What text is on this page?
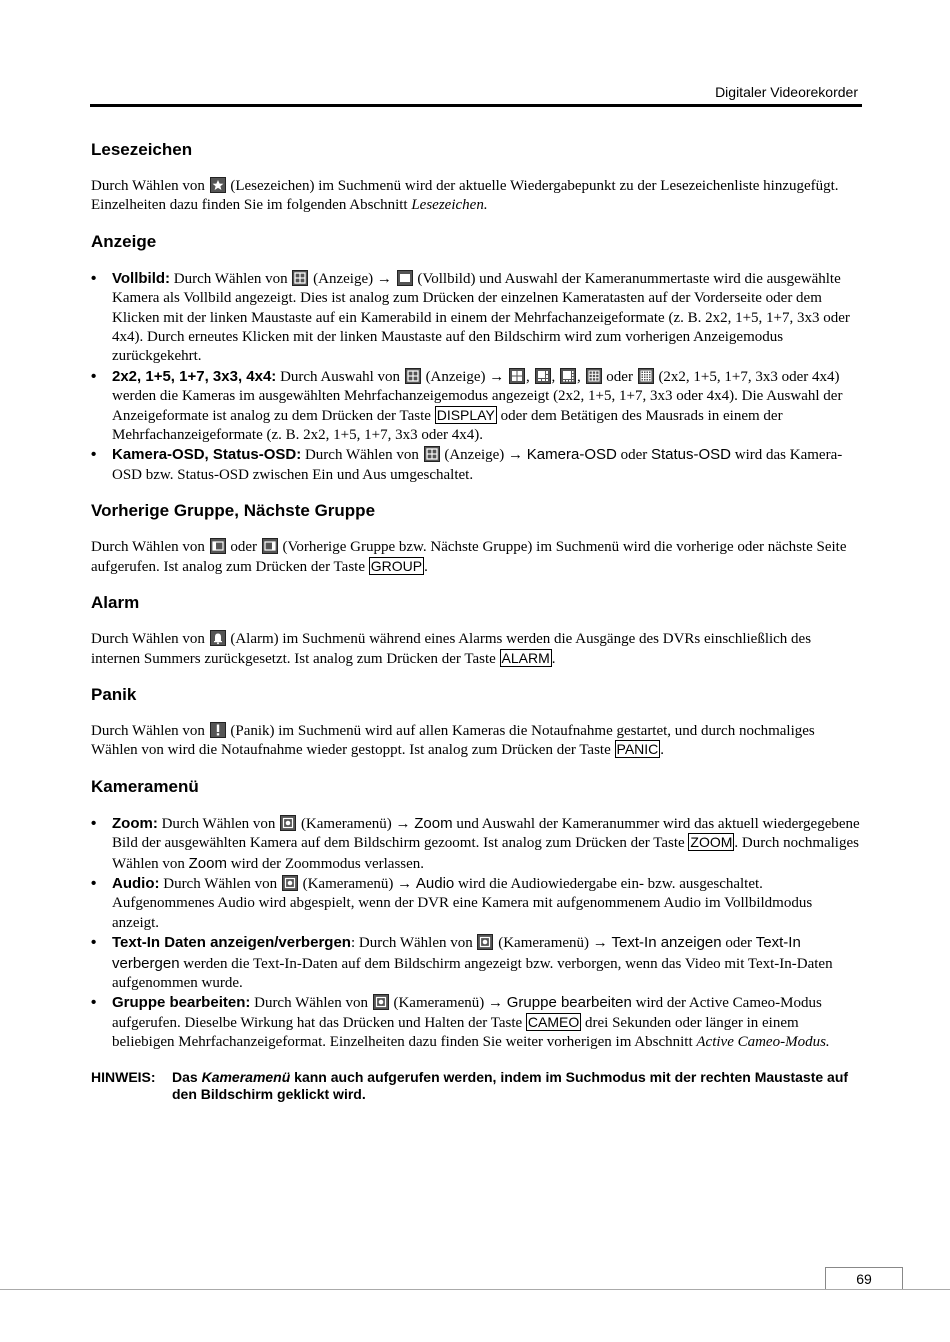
Digitaler Videorekorder
Lesezeichen

Durch Wählen von (Lesezeichen) im Suchmenü wird der aktuelle Wiedergabepunkt zu der Lesezeichenliste hinzugefügt. Einzelheiten dazu finden Sie im folgenden Abschnitt Lesezeichen.

Anzeige
• Vollbild: Durch Wählen von (Anzeige) → (Vollbild) und Auswahl der Kameranummertaste wird die ausgewählte Kamera als Vollbild angezeigt. Dies ist analog zum Drücken der einzelnen Kameratasten auf der Vorderseite oder dem Klicken mit der linken Maustaste auf ein Kamerabild in einem der Mehrfachanzeigeformate (z. B. 2x2, 1+5, 1+7, 3x3 oder 4x4). Durch erneutes Klicken mit der linken Maustaste auf den Bildschirm wird zum vorherigen Anzeigemodus zurückgekehrt.
• 2x2, 1+5, 1+7, 3x3, 4x4: Durch Auswahl von (Anzeige) → , , , oder (2x2, 1+5, 1+7, 3x3 oder 4x4) werden die Kameras im ausgewählten Mehrfachanzeigemodus angezeigt (2x2, 1+5, 1+7, 3x3 oder 4x4). Die Auswahl der Anzeigeformate ist analog zu dem Drücken der Taste DISPLAY oder dem Betätigen des Mausrads in einem der Mehrfachanzeigeformate (z. B. 2x2, 1+5, 1+7, 3x3 oder 4x4).
• Kamera-OSD, Status-OSD: Durch Wählen von (Anzeige) → Kamera-OSD oder Status-OSD wird das Kamera-OSD bzw. Status-OSD zwischen Ein und Aus umgeschaltet.
Vorherige Gruppe, Nächste Gruppe

Durch Wählen von oder (Vorherige Gruppe bzw. Nächste Gruppe) im Suchmenü wird die vorherige oder nächste Seite aufgerufen. Ist analog zum Drücken der Taste GROUP .

Alarm

Durch Wählen von (Alarm) im Suchmenü während eines Alarms werden die Ausgänge des DVRs einschließlich des internen Summers zurückgesetzt. Ist analog zum Drücken der Taste ALARM .

Panik

Durch Wählen von (Panik) im Suchmenü wird auf allen Kameras die Notaufnahme gestartet, und durch nochmaliges Wählen von wird die Notaufnahme wieder gestoppt. Ist analog zum Drücken der Taste PANIC .

Kameramenü
• Zoom: Durch Wählen von (Kameramenü) → Zoom und Auswahl der Kameranummer wird das aktuell wiedergegebene Bild der ausgewählten Kamera auf dem Bildschirm gezoomt. Ist analog zum Drücken der Taste ZOOM . Durch nochmaliges Wählen von Zoom wird der Zoommodus verlassen.
• Audio: Durch Wählen von (Kameramenü) → Audio wird die Audiowiedergabe ein- bzw. ausgeschaltet. Aufgenommenes Audio wird abgespielt, wenn der DVR eine Kamera mit aufgenommenem Audio im Vollbildmodus anzeigt.
• Text-In Daten anzeigen/verbergen: Durch Wählen von (Kameramenü) → Text-In anzeigen oder Text-In verbergen werden die Text-In-Daten auf dem Bildschirm angezeigt bzw. verborgen, wenn das Video mit Text-In-Daten aufgenommen wurde.
• Gruppe bearbeiten: Durch Wählen von (Kameramenü) → Gruppe bearbeiten wird der Active Cameo-Modus aufgerufen. Dieselbe Wirkung hat das Drücken und Halten der Taste CAMEO drei Sekunden oder länger in einem beliebigen Mehrfachanzeigeformat. Einzelheiten dazu finden Sie weiter vorherigen im Abschnitt Active Cameo-Modus.
HINWEIS:	Das Kameramenü kann auch aufgerufen werden, indem im Suchmodus mit der rechten Maustaste auf den Bildschirm geklickt wird.
69
